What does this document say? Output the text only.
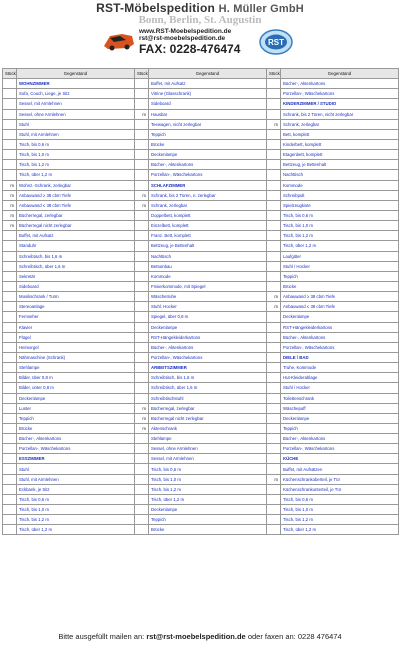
RST-Möbelspedition H. Müller GmbH
Bonn, Berlin, St. Augustin
www.RST-Moebelspedition.de
rst@rst-moebelspedition.de
FAX: 0228-476474	RST
Stück	Gegenstand	Stück	Gegenstand	Stück	Gegenstand
	WOHNZIMMER		Buffet, mit Aufsatz		Bücher-, Aktenkartons
	Sofa, Couch, Liege, je Sitz		Vitrine (Glasschrank)		Porzellan-, Wäschekartons
	Sessel, mit Armlehnen		Sideboard		KINDERZIMMER / STUDIO
	Sessel, ohne Armlehnen	m	Hausbar		Schrank, bis 2 Türen, nicht zerlegbar
	Stuhl		Teewagen, nicht zerlegbar	m	Schrank, zerlegbar
	Stuhl, mit Armlehnen		Teppich		Bett, komplett
	Tisch, bis 0,6 m		Brücke		Kinderbett, komplett
	Tisch, bis 1,0 m		Deckenlampe		Etagenbett, komplett
	Tisch, bis 1,2 m		Bücher-, Aktenkartons		Bettzeug, je Bettenhalt
	Tisch, über 1,2 m		Porzellan-, Wäschekartons		Nachttisch
m	Wohnz.-Schrank, zerlegbar		SCHLAFZIMMER		Kommode
m	Anbauwand ≥ 38 cbm Tiefe	m	Schrank, bis 2 Türen, n. zerlegbar		Schreibpult
m	Anbauwand ≤ 38 cbm Tiefe	m	Schrank, zerlegbar		Spielzeugkiste
m	Bücherregal, zerlegbar		Doppelbett, komplett		Tisch, bis 0,6 m
m	Bücherregal nicht zerlegbar		Einzelbett, komplett		Tisch, bis 1,0 m
	Buffet, mit Aufsatz		Franz. Bett, komplett		Tisch, bis 1,2 m
	Standuhr		Bettzeug, je Bettenhalt		Tisch, über 1,2 m
	Schreibtisch, bis 1,6 m		Nachttisch		Laufgitter
	Schreibtisch, über 1,6 m		Bettumbau		Stuhl / Hocker
	Sekretär		Kommode		Teppich
	Sideboard		Frisierkommode, mit Spiegel		Brücke
	Musikschrank / Turm		Wäschetruhe	m	Anbauwand ≥ 38 cbm Tiefe
	Stereoanlage		Stuhl, Hocker	m	Anbauwand ≤ 38 cbm Tiefe
	Fernseher		Spiegel, über 0,8 m		Deckenlampe
	Klavier		Deckenlampe		RST-Hängekleiderkartons
	Flügel		RST-Hängekleiderkartons		Bücher-, Aktenkartons
	Heimorgel		Bücher-, Aktenkartons		Porzellan-, Wäschekartons
	Nähmaschine (Schrank)		Porzellan-, Wäschekartons		DIELE / BAD
	Stehlampe		ARBEITSZIMMER		Truhe, Kommode
	Bilder, über 0,8 m		Schreibtisch, bis 1,6 m		Hut-Kleiderablage
	Bilder, unter 0,8 m		Schreibtisch, über 1,6 m		Stuhl / Hocker
	Deckenlampe		Schreibtischstuhl		Toilettenschrank
	Luster	m	Bücherregal, zerlegbar		Wäschepuff
	Teppich	m	Bücherregal nicht zerlegbar		Deckenlampe
	Brücke	m	Aktenschrank		Teppich
	Bücher-, Aktenkartons		Stehlampe		Bücher-, Aktenkartons
	Porzellan-, Wäschekartons		Sessel, ohne Armlehnen		Porzellan-, Wäschekartons
	ESSZIMMER		Sessel, mit Armlehnen		KÜCHE
	Stuhl		Tisch, bis 0,6 m		Buffet, mit Aufsätzen
	Stuhl, mit Armlehnen		Tisch, bis 1,0 m	m	Küchenschrankoberteil, je Tür
	Eckbank, je Sitz		Tisch, bis 1,2 m		Küchenschrankunterteil, je Tür
	Tisch, bis 0,6 m		Tisch, über 1,2 m		Tisch, bis 0,6 m
	Tisch, bis 1,0 m		Deckenlampe		Tisch, bis 1,0 m
	Tisch, bis 1,2 m		Teppich		Tisch, bis 1,2 m
	Tisch, über 1,2 m		Brücke		Tisch, über 1,2 m
Bitte ausgefüllt mailen an: rst@rst-moebelspedition.de oder faxen an: 0228 476474
